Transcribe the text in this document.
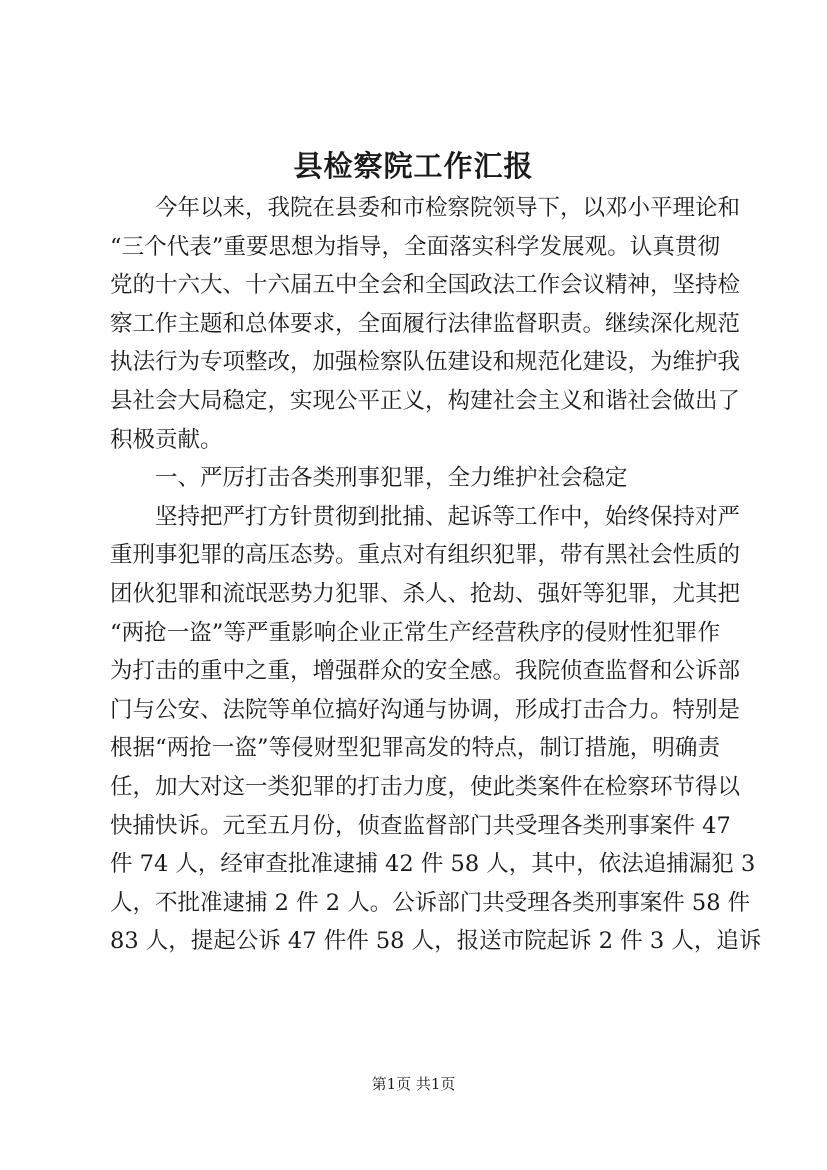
县检察院工作汇报
　　今年以来，我院在县委和市检察院领导下，以邓小平理论和
“三个代表”重要思想为指导，全面落实科学发展观。认真贯彻
党的十六大、十六届五中全会和全国政法工作会议精神，坚持检
察工作主题和总体要求，全面履行法律监督职责。继续深化规范
执法行为专项整改，加强检察队伍建设和规范化建设，为维护我
县社会大局稳定，实现公平正义，构建社会主义和谐社会做出了
积极贡献。
　　一、严厉打击各类刑事犯罪，全力维护社会稳定
　　坚持把严打方针贯彻到批捕、起诉等工作中，始终保持对严
重刑事犯罪的高压态势。重点对有组织犯罪，带有黑社会性质的
团伙犯罪和流氓恶势力犯罪、杀人、抢劫、强奸等犯罪，尤其把
“两抢一盗”等严重影响企业正常生产经营秩序的侵财性犯罪作
为打击的重中之重，增强群众的安全感。我院侦查监督和公诉部
门与公安、法院等单位搞好沟通与协调，形成打击合力。特别是
根据“两抢一盗”等侵财型犯罪高发的特点，制订措施，明确责
任，加大对这一类犯罪的打击力度，使此类案件在检察环节得以
快捕快诉。元至五月份，侦查监督部门共受理各类刑事案件 47
件 74 人，经审查批准逮捕 42 件 58 人，其中，依法追捕漏犯 3
人，不批准逮捕 2 件 2 人。公诉部门共受理各类刑事案件 58 件
83 人，提起公诉 47 件件 58 人，报送市院起诉 2 件 3 人，追诉
第1页 共1页
